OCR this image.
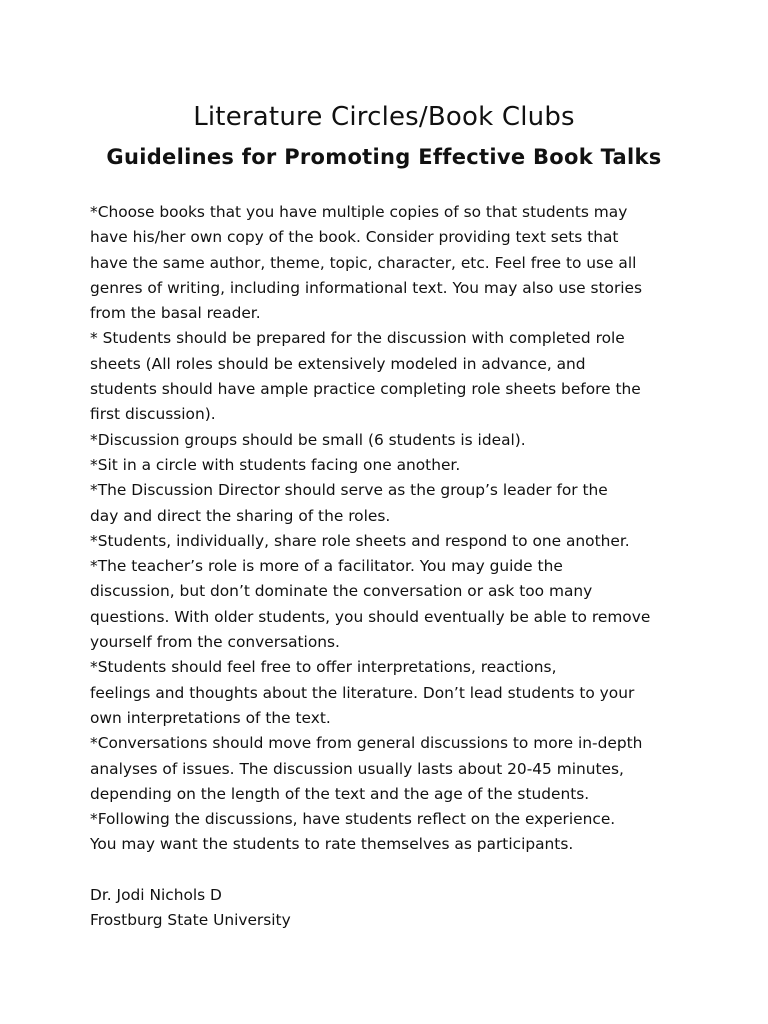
Literature Circles/Book Clubs
Guidelines for Promoting Effective Book Talks
*Choose books that you have multiple copies of so that students may
have his/her own copy of the book. Consider providing text sets that
have the same author, theme, topic, character, etc. Feel free to use all
genres of writing, including informational text. You may also use stories
from the basal reader.
* Students should be prepared for the discussion with completed role
sheets (All roles should be extensively modeled in advance, and
students should have ample practice completing role sheets before the
first discussion).
*Discussion groups should be small (6 students is ideal).
*Sit in a circle with students facing one another.
*The Discussion Director should serve as the group’s leader for the
day and direct the sharing of the roles.
*Students, individually, share role sheets and respond to one another.
*The teacher’s role is more of a facilitator. You may guide the
discussion, but don’t dominate the conversation or ask too many
questions. With older students, you should eventually be able to remove
yourself from the conversations.
*Students should feel free to offer interpretations, reactions,
feelings and thoughts about the literature. Don’t lead students to your
own interpretations of the text.
*Conversations should move from general discussions to more in-depth
analyses of issues. The discussion usually lasts about 20-45 minutes,
depending on the length of the text and the age of the students.
*Following the discussions, have students reflect on the experience.
You may want the students to rate themselves as participants.
Dr. Jodi Nichols D
Frostburg State University
